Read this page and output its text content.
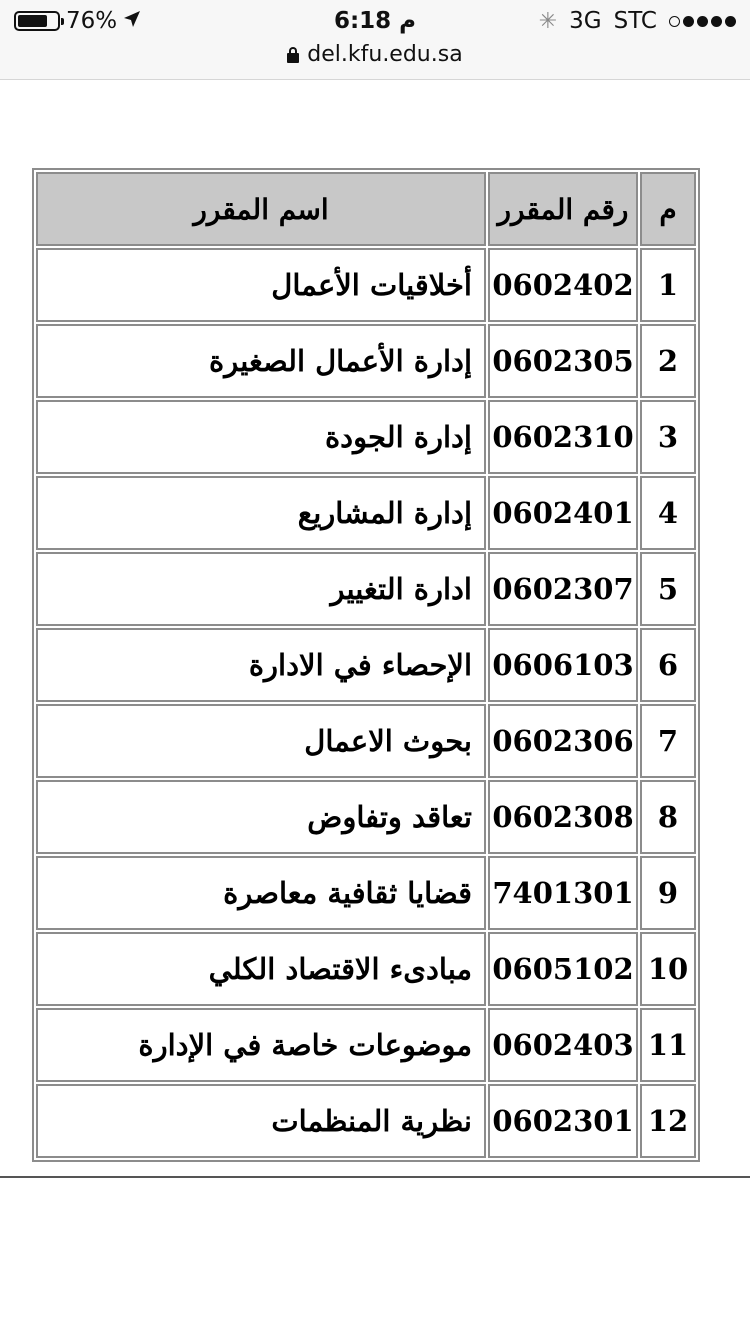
76%	6:18 م	✳ 3G STC
del.kfu.edu.sa
م	رقم المقرر	اسم المقرر
1	0602402	أخلاقيات الأعمال
2	0602305	إدارة الأعمال الصغيرة
3	0602310	إدارة الجودة
4	0602401	إدارة المشاريع
5	0602307	ادارة التغيير
6	0606103	الإحصاء في الادارة
7	0602306	بحوث الاعمال
8	0602308	تعاقد وتفاوض
9	7401301	قضايا ثقافية معاصرة
10	0605102	مبادىء الاقتصاد الكلي
11	0602403	موضوعات خاصة في الإدارة
12	0602301	نظرية المنظمات
